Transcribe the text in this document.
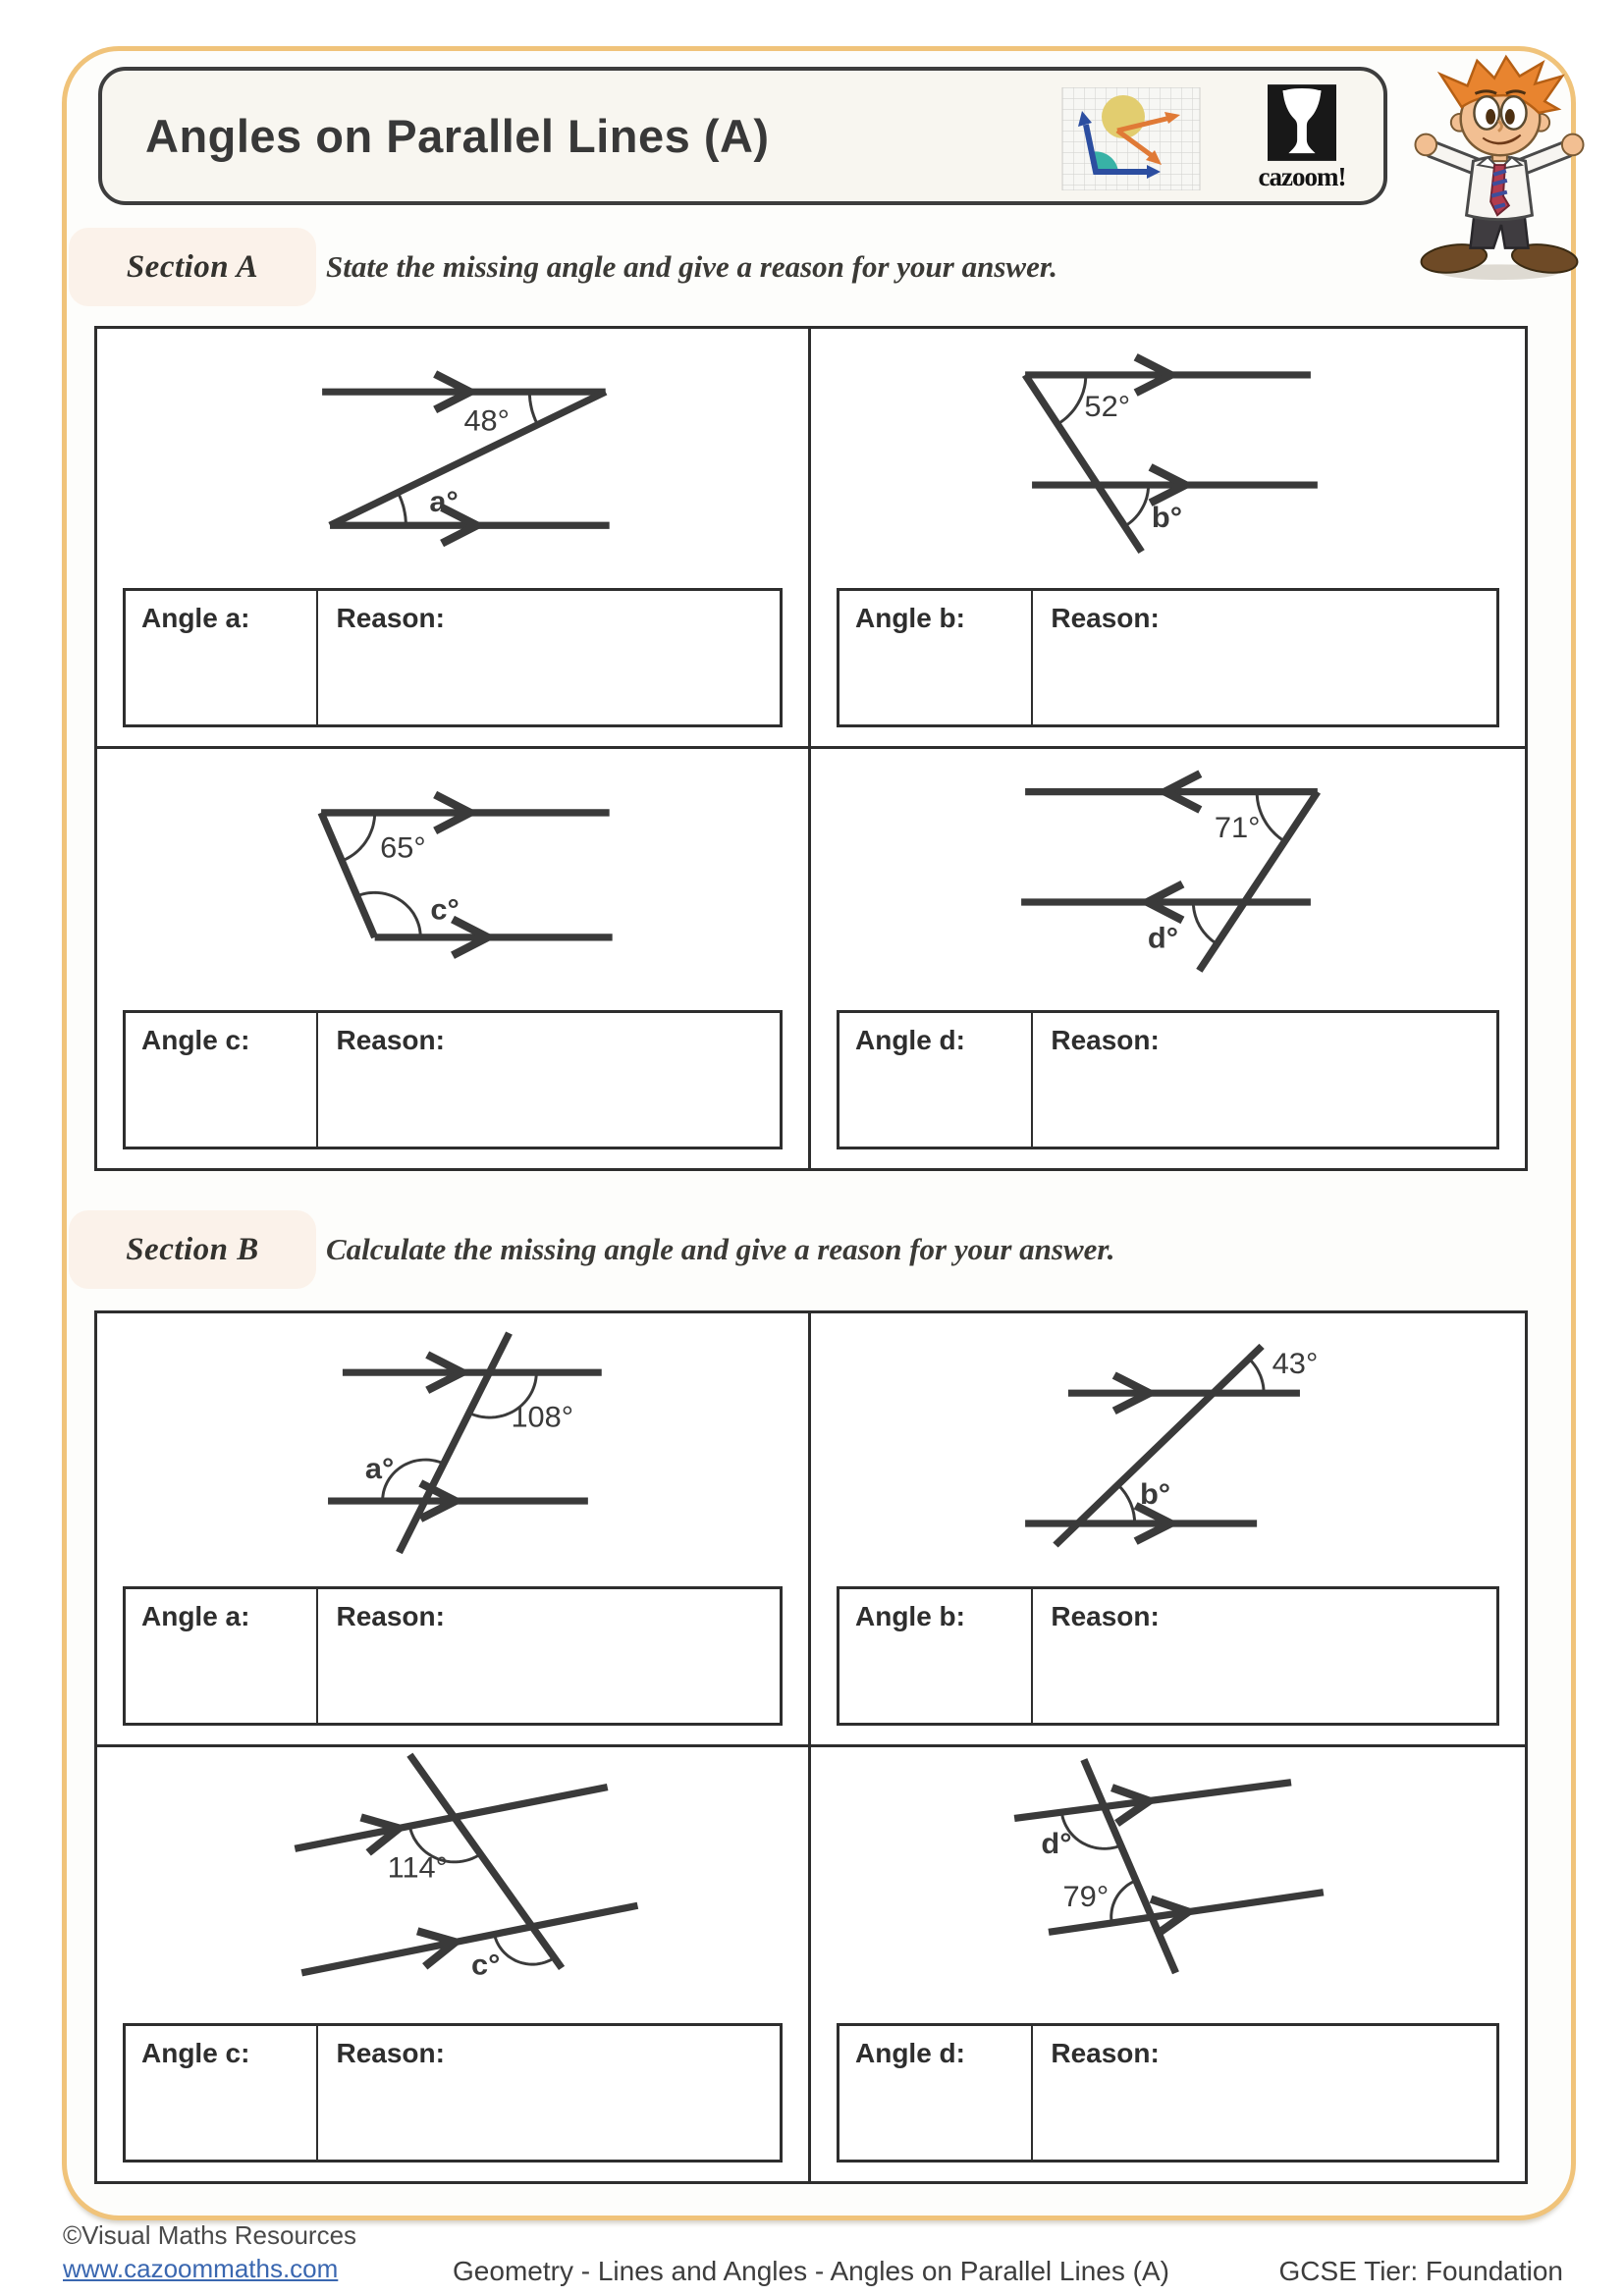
Angles on Parallel Lines (A)
cazoom!
Section A	State the missing angle and give a reason for your answer.
48°
a°
Angle a:	Reason:
52°
b°
Angle b:	Reason:
65°
c°
Angle c:	Reason:
71°
d°
Angle d:	Reason:
Section B	Calculate the missing angle and give a reason for your answer.
108°
a°
Angle a:	Reason:
43°
b°
Angle b:	Reason:
114°
c°
Angle c:	Reason:
d°
79°
Angle d:	Reason:
©Visual Maths Resources
www.cazoommaths.com	Geometry - Lines and Angles - Angles on Parallel Lines (A)	GCSE Tier: Foundation
